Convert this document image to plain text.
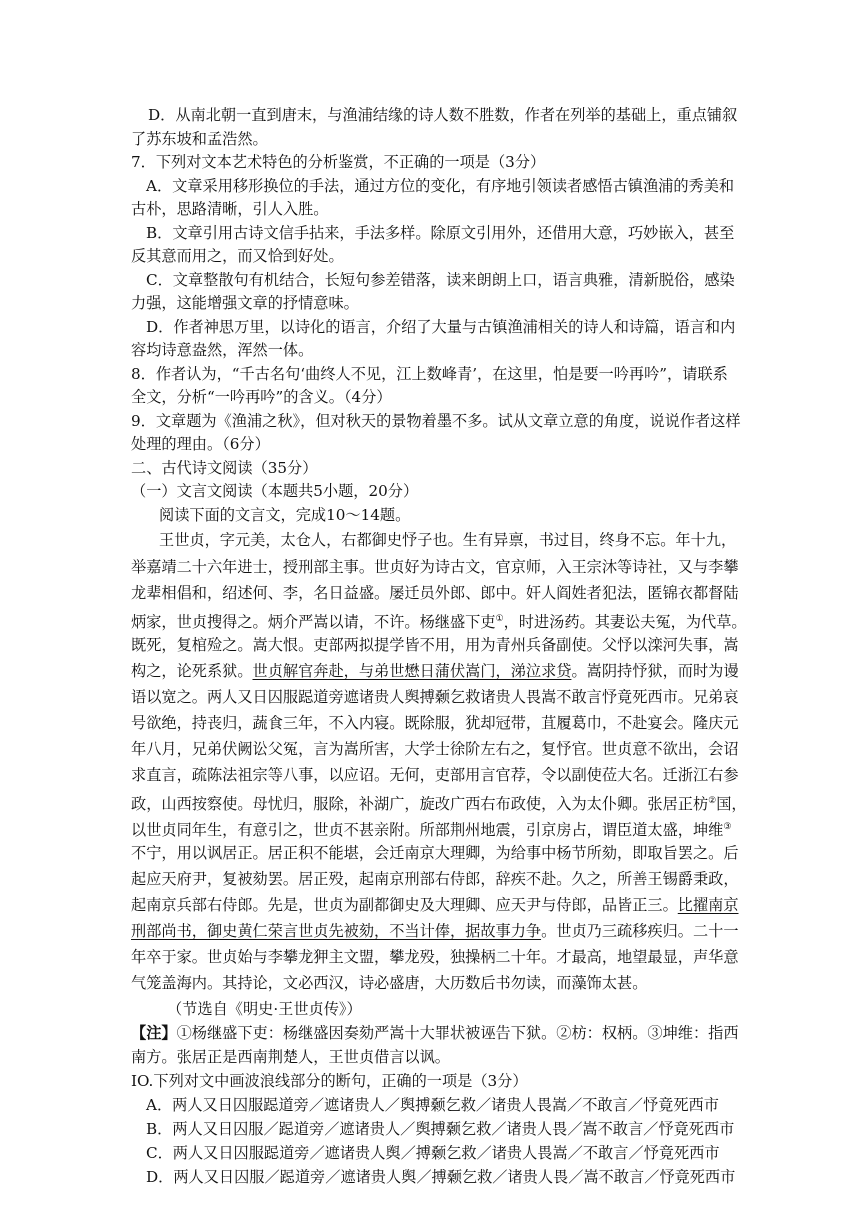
D．从南北朝一直到唐末，与渔浦结缘的诗人数不胜数，作者在列举的基础上，重点铺叙
了苏东坡和孟浩然。
7．下列对文本艺术特色的分析鉴赏，不正确的一项是（3分）
A．文章采用移形换位的手法，通过方位的变化，有序地引领读者感悟古镇渔浦的秀美和
古朴，思路清晰，引人入胜。
B．文章引用古诗文信手拈来，手法多样。除原文引用外，还借用大意，巧妙嵌入，甚至
反其意而用之，而又恰到好处。
C．文章整散句有机结合，长短句参差错落，读来朗朗上口，语言典雅，清新脱俗，感染
力强，这能增强文章的抒情意味。
D．作者神思万里，以诗化的语言，介绍了大量与古镇渔浦相关的诗人和诗篇，语言和内
容均诗意盎然，浑然一体。
8．作者认为，“千古名句‘曲终人不见，江上数峰青’，在这里，怕是要一吟再吟”，请联系
全文，分析“一吟再吟”的含义。（4分）
9．文章题为《渔浦之秋》，但对秋天的景物着墨不多。试从文章立意的角度，说说作者这样
处理的理由。（6分）
二、古代诗文阅读（35分）
（一）文言文阅读（本题共5小题，20分）
阅读下面的文言文，完成10～14题。
王世贞，字元美，太仓人，右都御史忬子也。生有异禀，书过目，终身不忘。年十九，
举嘉靖二十六年进士，授刑部主事。世贞好为诗古文，官京师，入王宗沐等诗社，又与李攀
龙辈相倡和，绍述何、李，名日益盛。屡迁员外郎、郎中。奸人阎姓者犯法，匿锦衣都督陆
炳家，世贞搜得之。炳介严嵩以请，不许。杨继盛下吏①，时进汤药。其妻讼夫冤，为代草。
既死，复棺殓之。嵩大恨。吏部两拟提学皆不用，用为青州兵备副使。父忬以滦河失事，嵩
构之，论死系狱。世贞解官奔赴，与弟世懋日蒲伏嵩门，涕泣求贷。嵩阴持忬狱，而时为谩
语以宽之。两人又日囚服跽道旁遮诸贵人舆搏颡乞救诸贵人畏嵩不敢言忬竟死西市。兄弟哀
号欲绝，持丧归，蔬食三年，不入内寝。既除服，犹却冠带，苴履葛巾，不赴宴会。隆庆元
年八月，兄弟伏阙讼父冤，言为嵩所害，大学士徐阶左右之，复忬官。世贞意不欲出，会诏
求直言，疏陈法祖宗等八事，以应诏。无何，吏部用言官荐，令以副使莅大名。迁浙江右参
政，山西按察使。母忧归，服除，补湖广，旋改广西右布政使，入为太仆卿。张居正枋②国，
以世贞同年生，有意引之，世贞不甚亲附。所部荆州地震，引京房占，谓臣道太盛，坤维③
不宁，用以讽居正。居正积不能堪，会迁南京大理卿，为给事中杨节所劾，即取旨罢之。后
起应天府尹，复被劾罢。居正殁，起南京刑部右侍郎，辞疾不赴。久之，所善王锡爵秉政，
起南京兵部右侍郎。先是，世贞为副都御史及大理卿、应天尹与侍郎，品皆正三。比擢南京
刑部尚书，御史黄仁荣言世贞先被劾，不当计俸，据故事力争。世贞乃三疏移疾归。二十一
年卒于家。世贞始与李攀龙狎主文盟，攀龙殁，独操柄二十年。才最高，地望最显，声华意
气笼盖海内。其持论，文必西汉，诗必盛唐，大历数后书勿读，而藻饰太甚。
（节选自《明史·王世贞传》）
【注】①杨继盛下吏：杨继盛因奏劾严嵩十大罪状被诬告下狱。②枋：权柄。③坤维：指西
南方。张居正是西南荆楚人，王世贞借言以讽。
IO.下列对文中画波浪线部分的断句，正确的一项是（3分）
A．两人又日囚服跽道旁／遮诸贵人／舆搏颡乞救／诸贵人畏嵩／不敢言／忬竟死西市
B．两人又日囚服／跽道旁／遮诸贵人／舆搏颡乞救／诸贵人畏／嵩不敢言／忬竟死西市
C．两人又日囚服跽道旁／遮诸贵人舆／搏颡乞救／诸贵人畏嵩／不敢言／忬竟死西市
D．两人又日囚服／跽道旁／遮诸贵人舆／搏颡乞救／诸贵人畏／嵩不敢言／忬竟死西市
